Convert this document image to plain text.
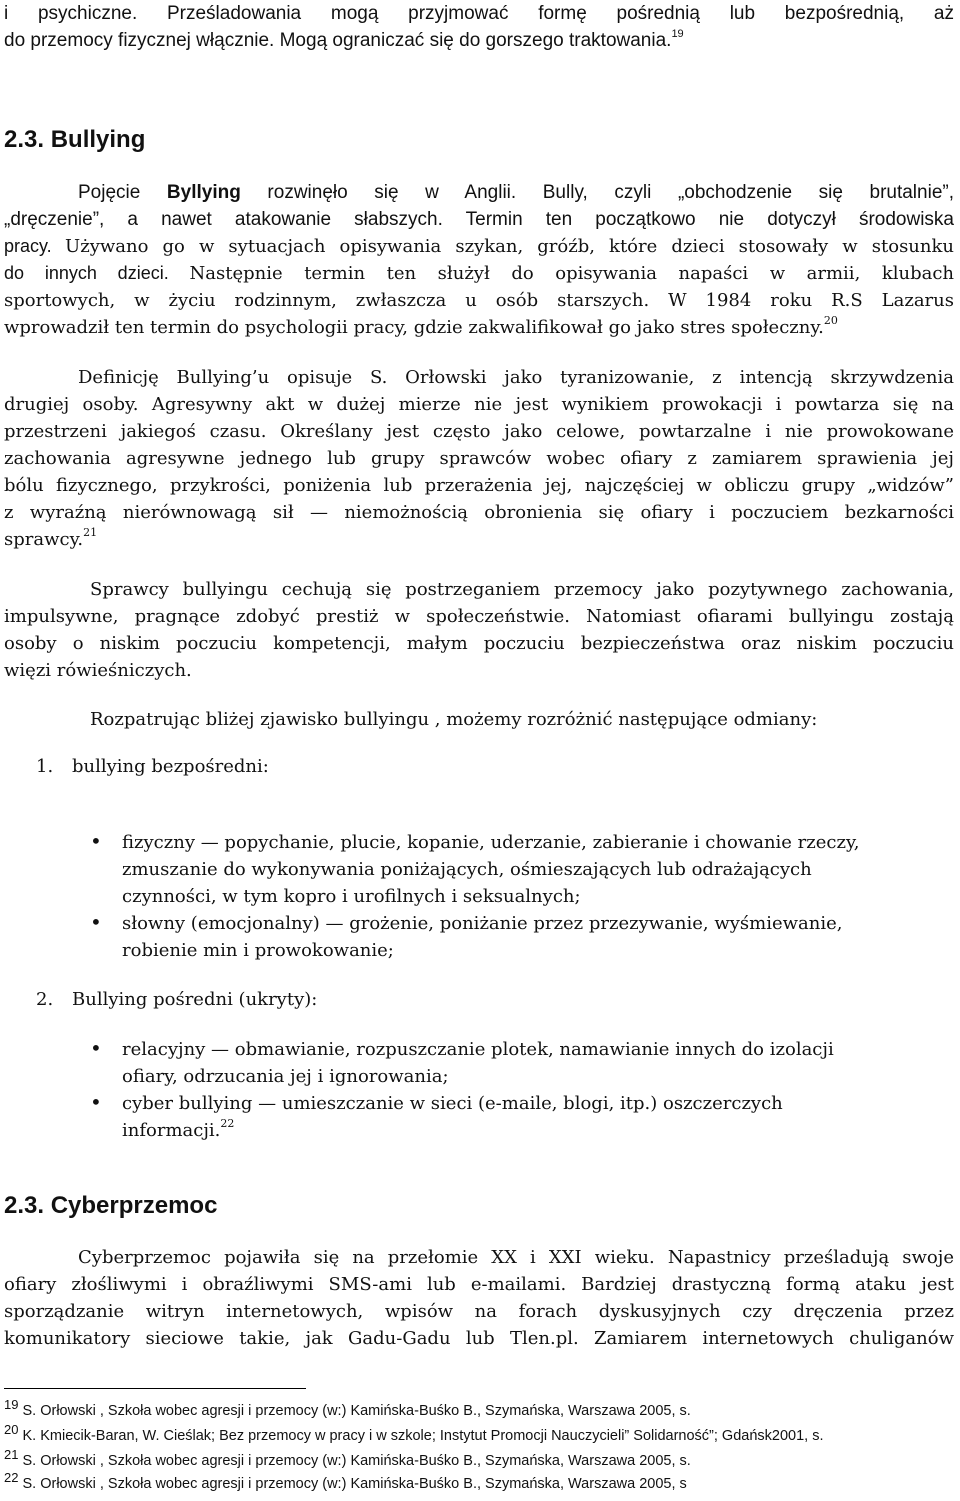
i psychiczne. Prześladowania mogą przyjmować formę pośrednią lub bezpośrednią, aż
do przemocy fizycznej włącznie. Mogą ograniczać się do gorszego traktowania.$^{19}$
2.3. Bullying
Pojęcie Byllying rozwinęło się w Anglii. Bully, czyli „obchodzenie się brutalnie”,
„dręczenie”, a nawet atakowanie słabszych. Termin ten początkowo nie dotyczył środowiska
pracy. Używano go w sytuacjach opisywania szykan, gróźb, które dzieci stosowały w stosunku
do innych dzieci. Następnie termin ten służył do opisywania napaści w armii, klubach
sportowych, w życiu rodzinnym, zwłaszcza u osób starszych. W 1984 roku R.S Lazarus
wprowadził ten termin do psychologii pracy, gdzie zakwalifikował go jako stres społeczny.$^{20}$
Definicję Bullying’u opisuje S. Orłowski jako tyranizowanie, z intencją skrzywdzenia
drugiej osoby. Agresywny akt w dużej mierze nie jest wynikiem prowokacji i powtarza się na
przestrzeni jakiegoś czasu. Określany jest często jako celowe, powtarzalne i nie prowokowane
zachowania agresywne jednego lub grupy sprawców wobec ofiary z zamiarem sprawienia jej
bólu fizycznego, przykrości, poniżenia lub przerażenia jej, najczęściej w obliczu grupy „widzów”
z wyraźną nierównowagą sił — niemożnością obronienia się ofiary i poczuciem bezkarności
sprawcy.$^{21}$
Sprawcy bullyingu cechują się postrzeganiem przemocy jako pozytywnego zachowania,
impulsywne, pragnące zdobyć prestiż w społeczeństwie. Natomiast ofiarami bullyingu zostają
osoby o niskim poczuciu kompetencji, małym poczuciu bezpieczeństwa oraz niskim poczuciu
więzi rówieśniczych.
Rozpatrując bliżej zjawisko bullyingu , możemy rozróżnić następujące odmiany:
1. bullying bezpośredni:
• fizyczny — popychanie, plucie, kopanie, uderzanie, zabieranie i chowanie rzeczy,
zmuszanie do wykonywania poniżających, ośmieszających lub odrażających
czynności, w tym kopro i urofilnych i seksualnych;
• słowny (emocjonalny) — grożenie, poniżanie przez przezywanie, wyśmiewanie,
robienie min i prowokowanie;
2. Bullying pośredni (ukryty):
• relacyjny — obmawianie, rozpuszczanie plotek, namawianie innych do izolacji
ofiary, odrzucania jej i ignorowania;
• cyber bullying — umieszczanie w sieci (e-maile, blogi, itp.) oszczerczych
informacji.$^{22}$
2.3. Cyberprzemoc
Cyberprzemoc pojawiła się na przełomie XX i XXI wieku. Napastnicy prześladują swoje
ofiary złośliwymi i obraźliwymi SMS-ami lub e-mailami. Bardziej drastyczną formą ataku jest
sporządzanie witryn internetowych, wpisów na forach dyskusyjnych czy dręczenia przez
komunikatory sieciowe takie, jak Gadu-Gadu lub Tlen.pl. Zamiarem internetowych chuliganów
19 S. Orłowski , Szkoła wobec agresji i przemocy (w:) Kamińska-Buśko B., Szymańska, Warszawa 2005, s.
20 K. Kmiecik-Baran, W. Cieślak; Bez przemocy w pracy i w szkole; Instytut Promocji Nauczycieli” Solidarność”; Gdańsk2001, s.
21 S. Orłowski , Szkoła wobec agresji i przemocy (w:) Kamińska-Buśko B., Szymańska, Warszawa 2005, s.
22 S. Orłowski , Szkoła wobec agresji i przemocy (w:) Kamińska-Buśko B., Szymańska, Warszawa 2005, s
